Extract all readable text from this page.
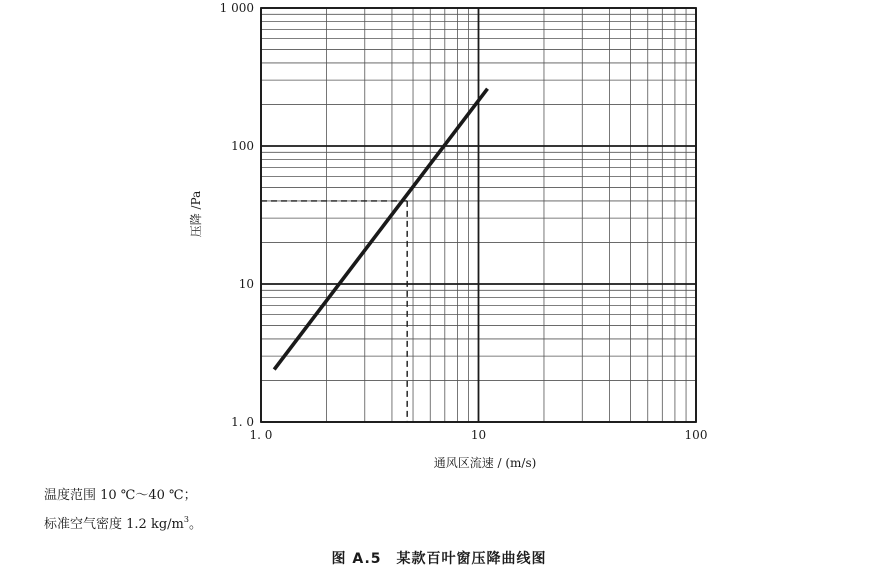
1. 0	10	100
1. 0
10
100
1 000
通风区流速 / (m/s)
压降 /Pa
温度范围 10 ℃～40 ℃；
标准空气密度 1.2 $kg/m^3$。
图 A.5　某款百叶窗压降曲线图
